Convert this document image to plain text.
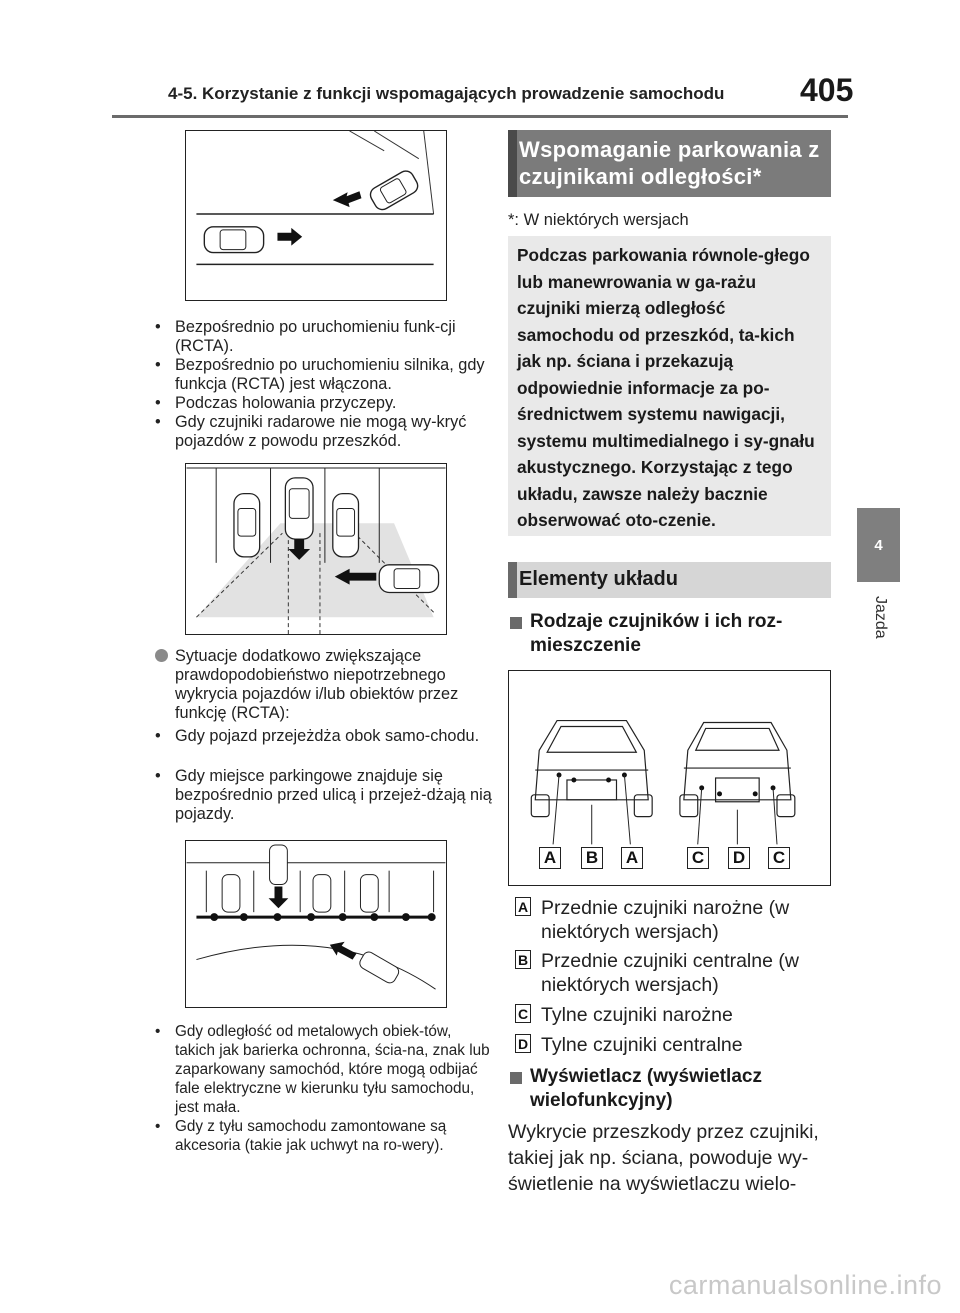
4-5. Korzystanie z funkcji wspomagających prowadzenie samochodu 405
4
Jazda
• Bezpośrednio po uruchomieniu funk-cji (RCTA).
• Bezpośrednio po uruchomieniu silnika, gdy funkcja (RCTA) jest włączona.
• Podczas holowania przyczepy.
• Gdy czujniki radarowe nie mogą wy-kryć pojazdów z powodu przeszkód.
Sytuacje dodatkowo zwiększające prawdopodobieństwo niepotrzebnego wykrycia pojazdów i/lub obiektów przez funkcję (RCTA):
• Gdy pojazd przejeżdża obok samo-chodu.
• Gdy miejsce parkingowe znajduje się bezpośrednio przed ulicą i przejeż-dżają nią pojazdy.
• Gdy odległość od metalowych obiek-tów, takich jak barierka ochronna, ścia-na, znak lub zaparkowany samochód, które mogą odbijać fale elektryczne w kierunku tyłu samochodu, jest mała.
• Gdy z tyłu samochodu zamontowane są akcesoria (takie jak uchwyt na ro-wery).
Wspomaganie parkowania z czujnikami odległości*
*: W niektórych wersjach

Podczas parkowania równole-głego lub manewrowania w ga-rażu czujniki mierzą odległość samochodu od przeszkód, ta-kich jak np. ściana i przekazują odpowiednie informacje za po-średnictwem systemu nawigacji, systemu multimedialnego i sy-gnału akustycznego. Korzystając z tego układu, zawsze należy bacznie obserwować oto-czenie.

Elementy układu
Rodzaje czujników i ich roz-mieszczenie
A B A	C D C
A Przednie czujniki narożne (w niektórych wersjach)
B Przednie czujniki centralne (w niektórych wersjach)
C Tylne czujniki narożne
D Tylne czujniki centralne
Wyświetlacz (wyświetlacz wielofunkcyjny)
Wykrycie przeszkody przez czujniki, takiej jak np. ściana, powoduje wy-świetlenie na wyświetlaczu wielo-
carmanualsonline.info
